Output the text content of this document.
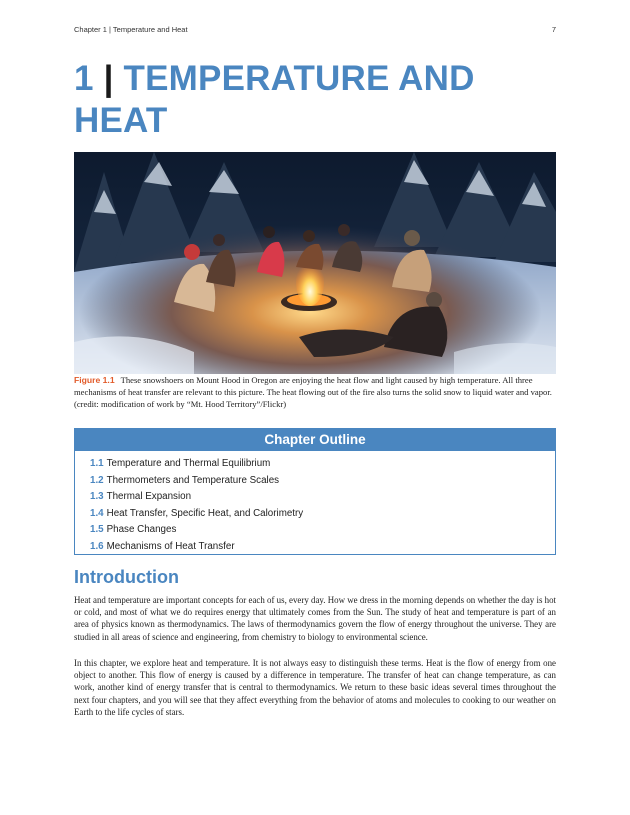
Chapter 1 | Temperature and Heat	7
1 | TEMPERATURE AND
HEAT

Figure 1.1 These snowshoers on Mount Hood in Oregon are enjoying the heat flow and light caused by high temperature. All three mechanisms of heat transfer are relevant to this picture. The heat flowing out of the fire also turns the solid snow to liquid water and vapor. (credit: modification of work by “Mt. Hood Territory”/Flickr)

Chapter Outline
1.1 Temperature and Thermal Equilibrium
1.2 Thermometers and Temperature Scales
1.3 Thermal Expansion
1.4 Heat Transfer, Specific Heat, and Calorimetry
1.5 Phase Changes
1.6 Mechanisms of Heat Transfer
Introduction

Heat and temperature are important concepts for each of us, every day. How we dress in the morning depends on whether the day is hot or cold, and most of what we do requires energy that ultimately comes from the Sun. The study of heat and temperature is part of an area of physics known as thermodynamics. The laws of thermodynamics govern the flow of energy throughout the universe. They are studied in all areas of science and engineering, from chemistry to biology to environmental science.

In this chapter, we explore heat and temperature. It is not always easy to distinguish these terms. Heat is the flow of energy from one object to another. This flow of energy is caused by a difference in temperature. The transfer of heat can change temperature, as can work, another kind of energy transfer that is central to thermodynamics. We return to these basic ideas several times throughout the next four chapters, and you will see that they affect everything from the behavior of atoms and molecules to cooking to our weather on Earth to the life cycles of stars.
